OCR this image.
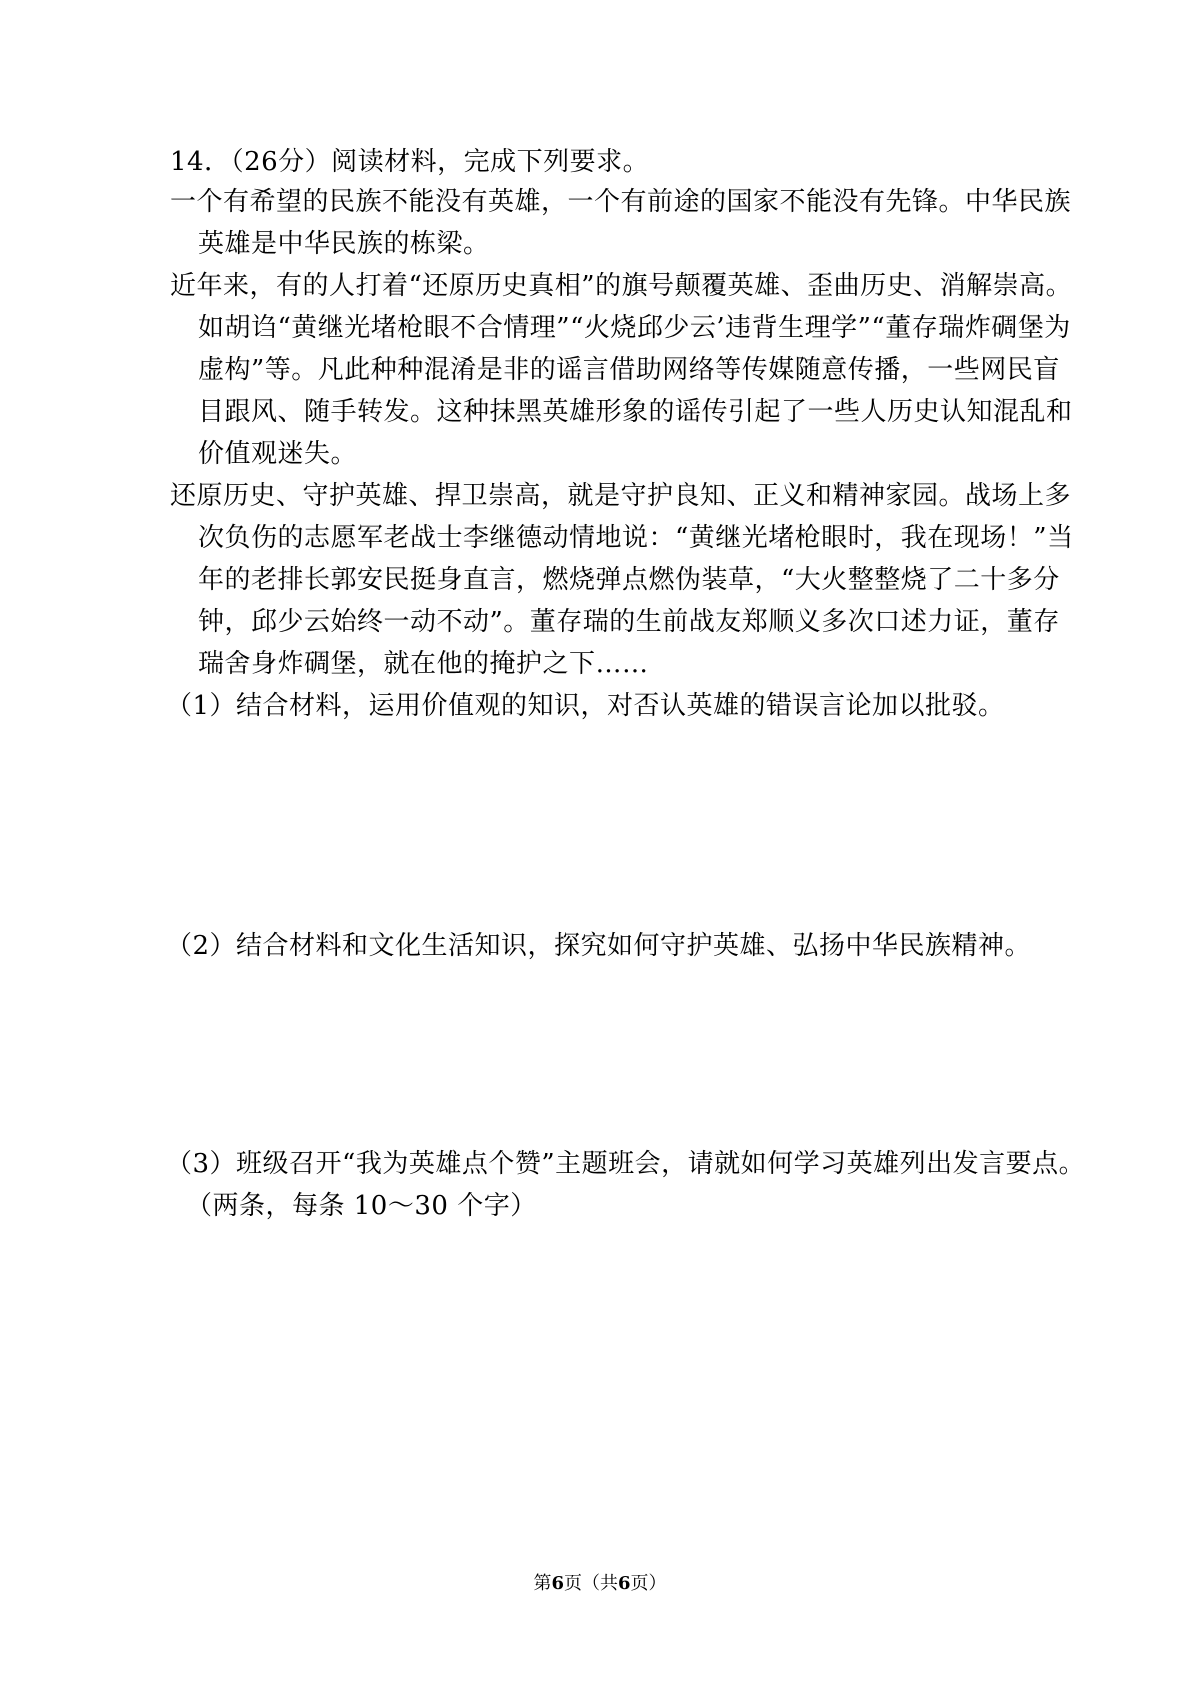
14．（26分）阅读材料，完成下列要求。
一个有希望的民族不能没有英雄，一个有前途的国家不能没有先锋。中华民族
英雄是中华民族的栋梁。
近年来，有的人打着“还原历史真相”的旗号颠覆英雄、歪曲历史、消解崇高。
如胡诌“黄继光堵枪眼不合情理”“火烧邱少云’违背生理学”“董存瑞炸碉堡为
虚构”等。凡此种种混淆是非的谣言借助网络等传媒随意传播，一些网民盲
目跟风、随手转发。这种抹黑英雄形象的谣传引起了一些人历史认知混乱和
价值观迷失。
还原历史、守护英雄、捍卫崇高，就是守护良知、正义和精神家园。战场上多
次负伤的志愿军老战士李继德动情地说：“黄继光堵枪眼时，我在现场！”当
年的老排长郭安民挺身直言，燃烧弹点燃伪装草，“大火整整烧了二十多分
钟，邱少云始终一动不动”。董存瑞的生前战友郑顺义多次口述力证，董存
瑞舍身炸碉堡，就在他的掩护之下……
（1）结合材料，运用价值观的知识，对否认英雄的错误言论加以批驳。
（2）结合材料和文化生活知识，探究如何守护英雄、弘扬中华民族精神。
（3）班级召开“我为英雄点个赞”主题班会，请就如何学习英雄列出发言要点。
（两条，每条 10～30 个字）
第6页（共6页）
